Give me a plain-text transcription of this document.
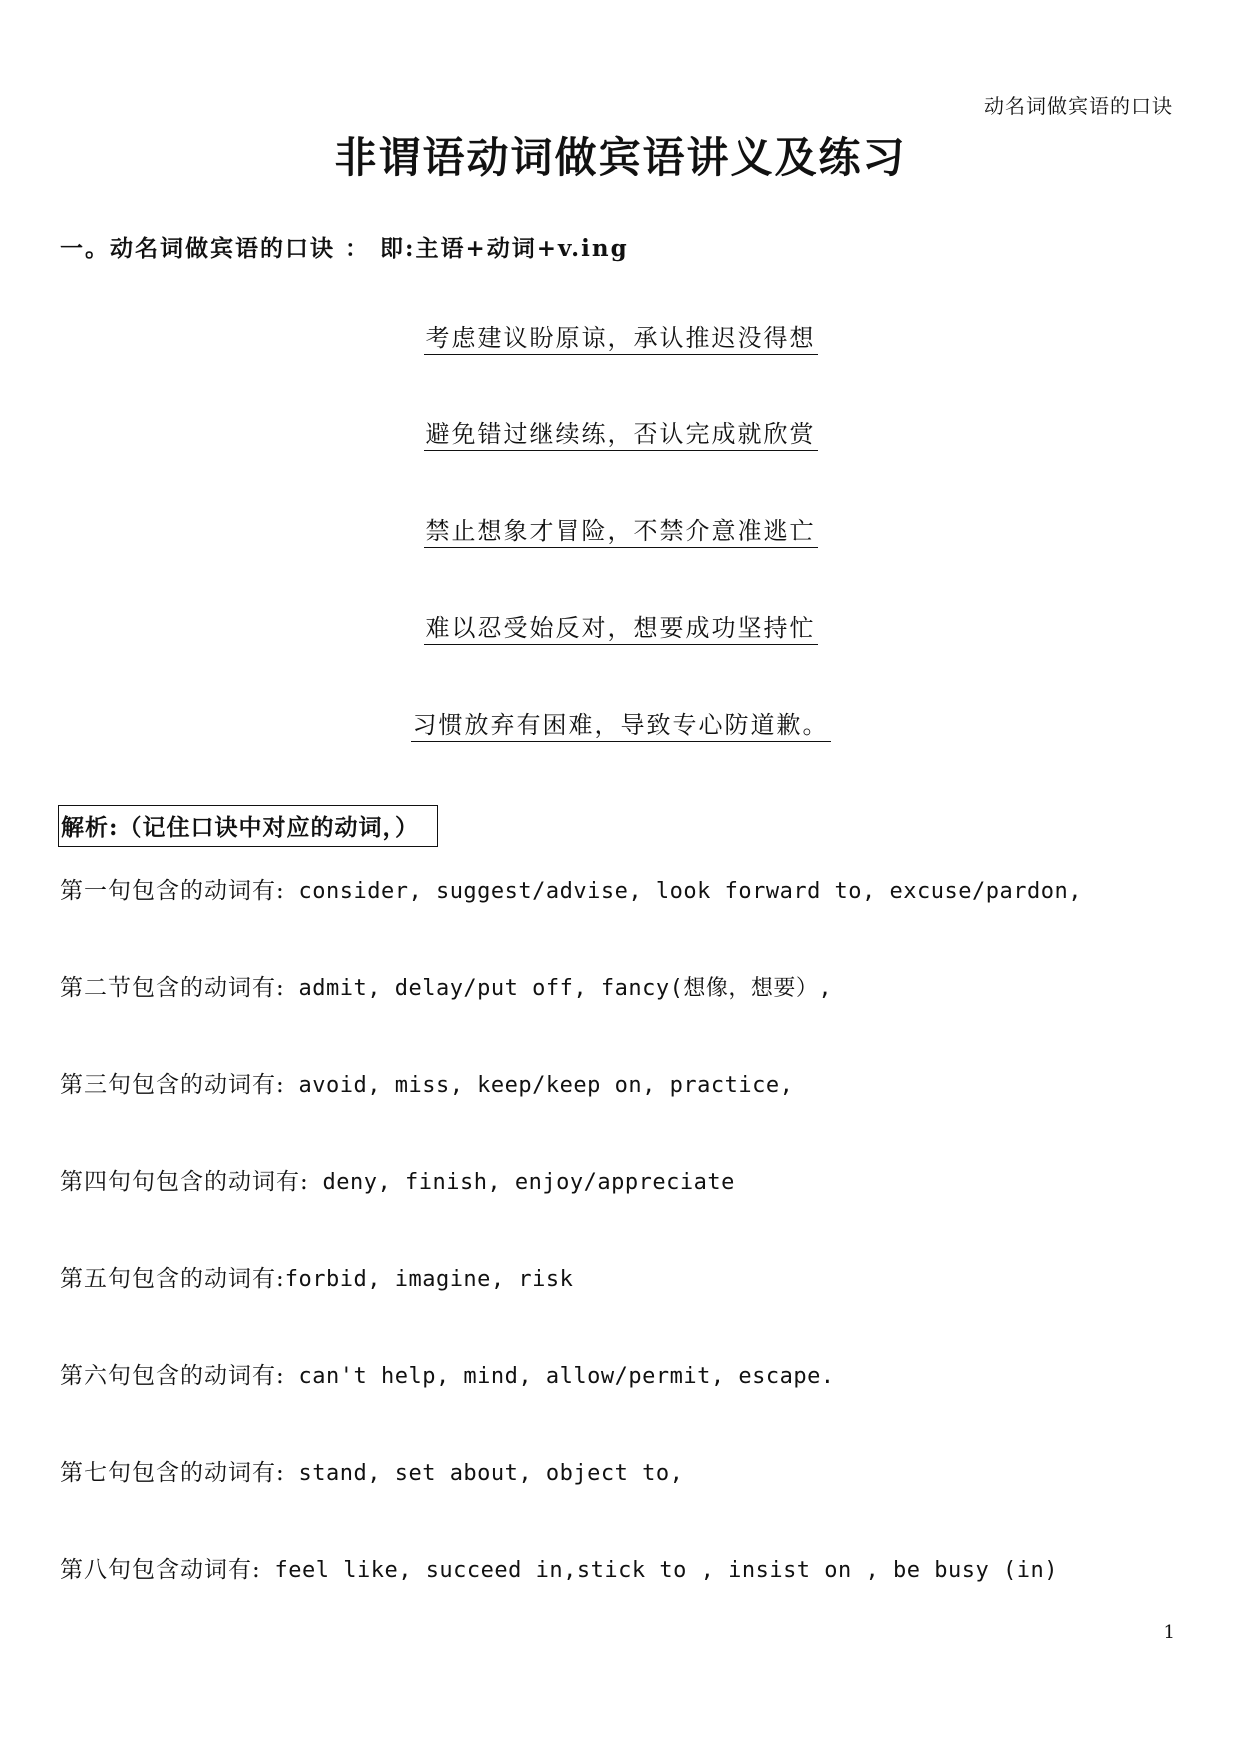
动名词做宾语的口诀
非谓语动词做宾语讲义及练习
一。动名词做宾语的口诀 ： 即:主语+动词+v.ing
考虑建议盼原谅，承认推迟没得想
避免错过继续练，否认完成就欣赏
禁止想象才冒险，不禁介意准逃亡
难以忍受始反对，想要成功坚持忙
习惯放弃有困难，导致专心防道歉。
解析:（记住口诀中对应的动词，）
第一句包含的动词有: consider, suggest/advise, look forward to, excuse/pardon,
第二节包含的动词有: admit, delay/put off, fancy(想像，想要）,
第三句包含的动词有: avoid, miss, keep/keep on, practice,
第四句句包含的动词有: deny, finish, enjoy/appreciate
第五句包含的动词有:forbid, imagine, risk
第六句包含的动词有: can't help, mind, allow/permit, escape.
第七句包含的动词有: stand, set about, object to,
第八句包含动词有: feel like, succeed in,stick to , insist on , be busy (in)
1
